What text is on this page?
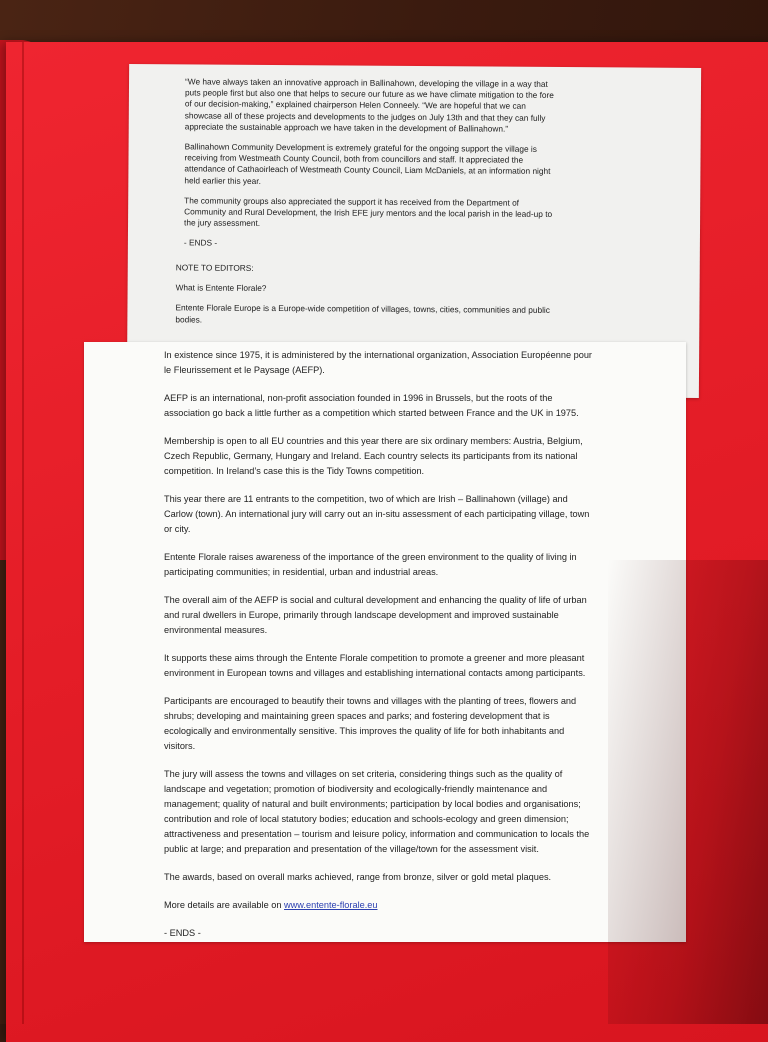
“We have always taken an innovative approach in Ballinahown, developing the village in a way that puts people first but also one that helps to secure our future as we have climate mitigation to the fore of our decision-making,” explained chairperson Helen Conneely. “We are hopeful that we can showcase all of these projects and developments to the judges on July 13th and that they can fully appreciate the sustainable approach we have taken in the development of Ballinahown.”

Ballinahown Community Development is extremely grateful for the ongoing support the village is receiving from Westmeath County Council, both from councillors and staff. It appreciated the attendance of Cathaoirleach of Westmeath County Council, Liam McDaniels, at an information night held earlier this year.

The community groups also appreciated the support it has received from the Department of Community and Rural Development, the Irish EFE jury mentors and the local parish in the lead-up to the jury assessment.

- ENDS -

NOTE TO EDITORS:

What is Entente Florale?

Entente Florale Europe is a Europe-wide competition of villages, towns, cities, communities and public bodies.

In existence since 1975, it is administered by the international organization, Association Européenne pour le Fleurissement et le Paysage (AEFP).

AEFP is an international, non-profit association founded in 1996 in Brussels, but the roots of the association go back a little further as a competition which started between France and the UK in 1975.

Membership is open to all EU countries and this year there are six ordinary members: Austria, Belgium, Czech Republic, Germany, Hungary and Ireland. Each country selects its participants from its national competition. In Ireland’s case this is the Tidy Towns competition.

This year there are 11 entrants to the competition, two of which are Irish – Ballinahown (village) and Carlow (town). An international jury will carry out an in-situ assessment of each participating village, town or city.

Entente Florale raises awareness of the importance of the green environment to the quality of living in participating communities; in residential, urban and industrial areas.

The overall aim of the AEFP is social and cultural development and enhancing the quality of life of urban and rural dwellers in Europe, primarily through landscape development and improved sustainable environmental measures.

It supports these aims through the Entente Florale competition to promote a greener and more pleasant environment in European towns and villages and establishing international contacts among participants.

Participants are encouraged to beautify their towns and villages with the planting of trees, flowers and shrubs; developing and maintaining green spaces and parks; and fostering development that is ecologically and environmentally sensitive. This improves the quality of life for both inhabitants and visitors.

The jury will assess the towns and villages on set criteria, considering things such as the quality of landscape and vegetation; promotion of biodiversity and ecologically-friendly maintenance and management; quality of natural and built environments; participation by local bodies and organisations; contribution and role of local statutory bodies; education and schools-ecology and green dimension; attractiveness and presentation – tourism and leisure policy, information and communication to locals the public at large; and preparation and presentation of the village/town for the assessment visit.

The awards, based on overall marks achieved, range from bronze, silver or gold metal plaques.

More details are available on www.entente-florale.eu

- ENDS -
